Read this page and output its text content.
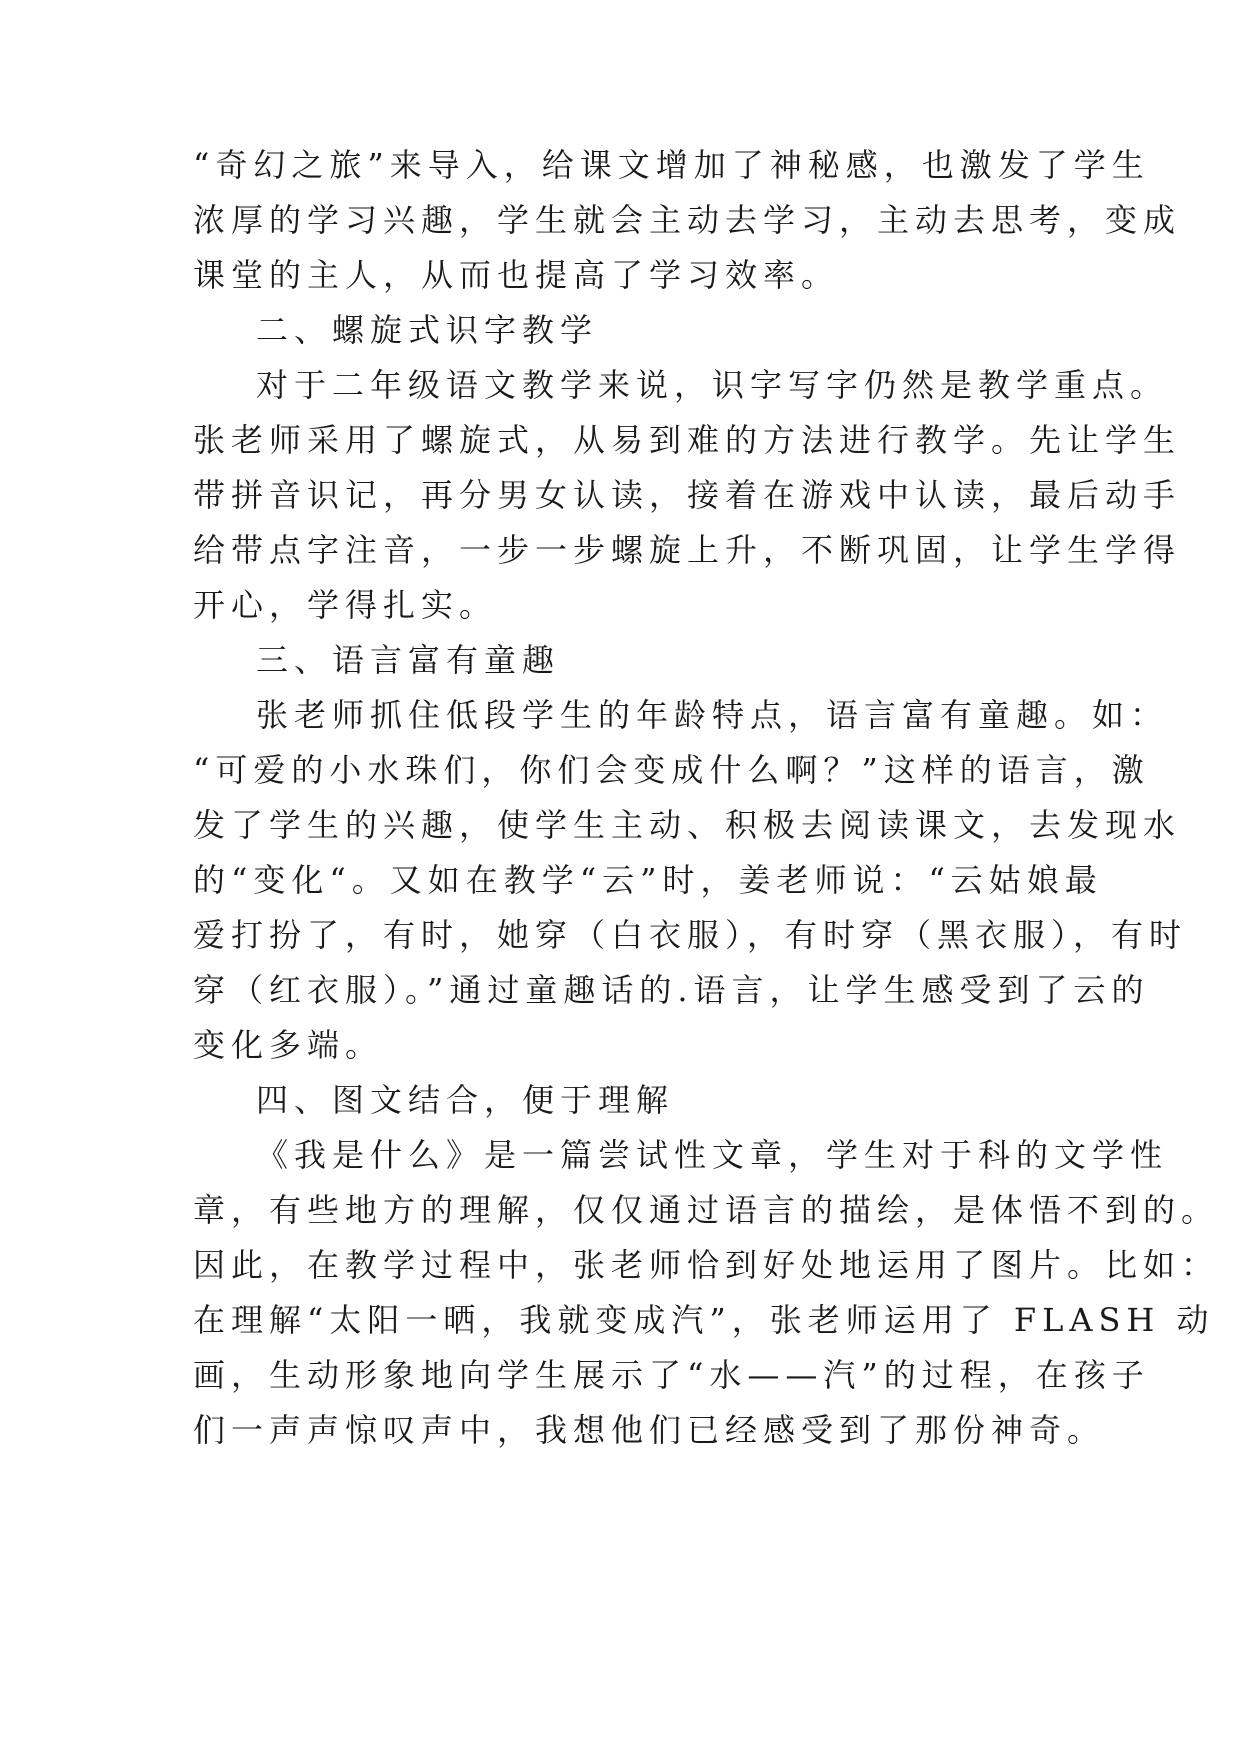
“奇幻之旅”来导入，给课文增加了神秘感，也激发了学生

浓厚的学习兴趣，学生就会主动去学习，主动去思考，变成

课堂的主人，从而也提高了学习效率。

二、螺旋式识字教学

对于二年级语文教学来说，识字写字仍然是教学重点。

张老师采用了螺旋式，从易到难的方法进行教学。先让学生

带拼音识记，再分男女认读，接着在游戏中认读，最后动手

给带点字注音，一步一步螺旋上升，不断巩固，让学生学得

开心，学得扎实。

三、语言富有童趣

张老师抓住低段学生的年龄特点，语言富有童趣。如：

“可爱的小水珠们，你们会变成什么啊？”这样的语言，激

发了学生的兴趣，使学生主动、积极去阅读课文，去发现水

的“变化“。又如在教学“云”时，姜老师说：“云姑娘最

爱打扮了，有时，她穿（白衣服），有时穿（黑衣服），有时

穿（红衣服）。”通过童趣话的.语言，让学生感受到了云的

变化多端。

四、图文结合，便于理解

《我是什么》是一篇尝试性文章，学生对于科的文学性

章，有些地方的理解，仅仅通过语言的描绘，是体悟不到的。

因此，在教学过程中，张老师恰到好处地运用了图片。比如：

在理解“太阳一晒，我就变成汽”，张老师运用了 FLASH 动

画，生动形象地向学生展示了“水——汽”的过程，在孩子

们一声声惊叹声中，我想他们已经感受到了那份神奇。
